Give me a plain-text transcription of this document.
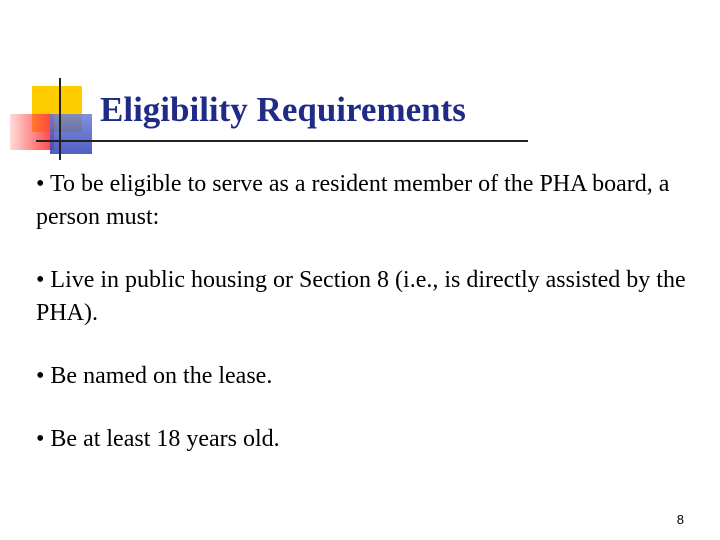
Eligibility Requirements

• To be eligible to serve as a resident member of the PHA board, a person must:

• Live in public housing or Section 8 (i.e., is directly assisted by the PHA).

• Be named on the lease.

• Be at least 18 years old.

8
